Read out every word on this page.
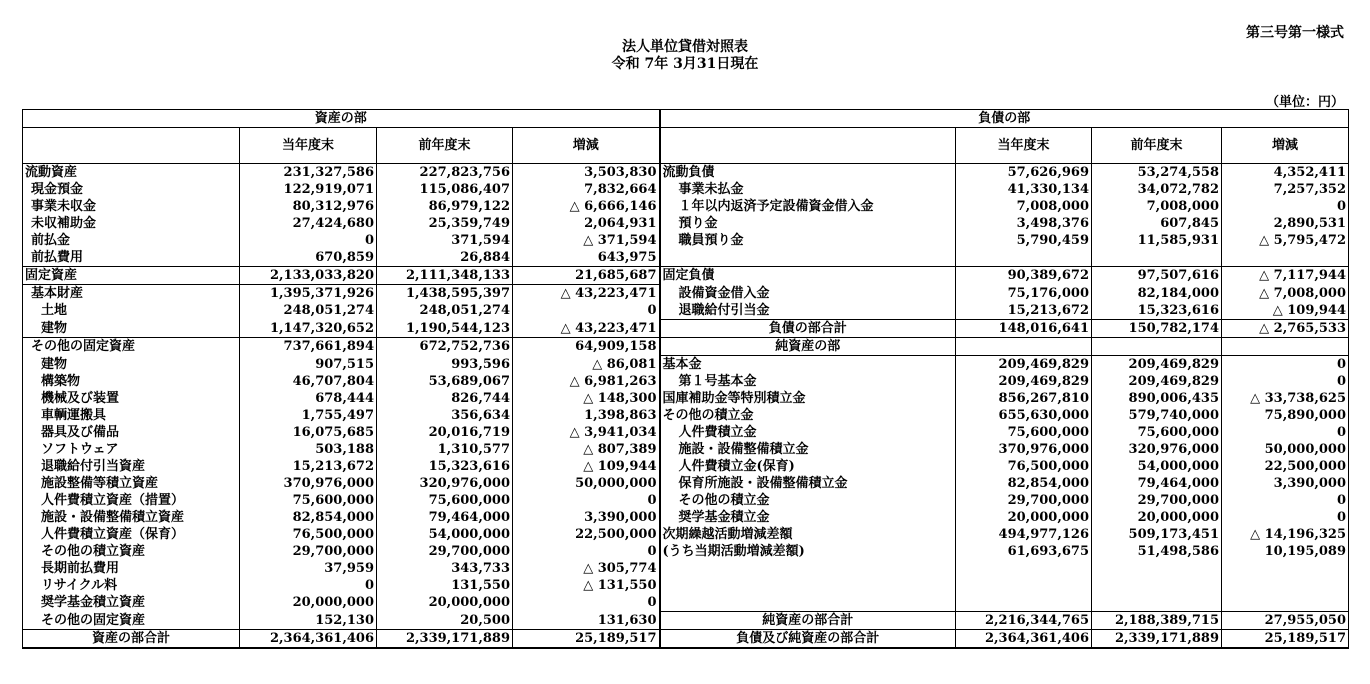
第三号第一様式
法人単位貸借対照表
令和 7年 3月31日現在
（単位：円）
資産の部				負債の部			
	当年度末	前年度末	増減		当年度末	前年度末	増減
流動資産	231,327,586	227,823,756	3,503,830	流動負債	57,626,969	53,274,558	4,352,411
現金預金	122,919,071	115,086,407	7,832,664	事業未払金	41,330,134	34,072,782	7,257,352
事業未収金	80,312,976	86,979,122	△ 6,666,146	１年以内返済予定設備資金借入金	7,008,000	7,008,000	0
未収補助金	27,424,680	25,359,749	2,064,931	預り金	3,498,376	607,845	2,890,531
前払金	0	371,594	△ 371,594	職員預り金	5,790,459	11,585,931	△ 5,795,472
前払費用	670,859	26,884	643,975				
固定資産	2,133,033,820	2,111,348,133	21,685,687	固定負債	90,389,672	97,507,616	△ 7,117,944
基本財産	1,395,371,926	1,438,595,397	△ 43,223,471	設備資金借入金	75,176,000	82,184,000	△ 7,008,000
土地	248,051,274	248,051,274	0	退職給付引当金	15,213,672	15,323,616	△ 109,944
建物	1,147,320,652	1,190,544,123	△ 43,223,471	負債の部合計	148,016,641	150,782,174	△ 2,765,533
その他の固定資産	737,661,894	672,752,736	64,909,158	純資産の部			
建物	907,515	993,596	△ 86,081	基本金	209,469,829	209,469,829	0
構築物	46,707,804	53,689,067	△ 6,981,263	第１号基本金	209,469,829	209,469,829	0
機械及び装置	678,444	826,744	△ 148,300	国庫補助金等特別積立金	856,267,810	890,006,435	△ 33,738,625
車輌運搬具	1,755,497	356,634	1,398,863	その他の積立金	655,630,000	579,740,000	75,890,000
器具及び備品	16,075,685	20,016,719	△ 3,941,034	人件費積立金	75,600,000	75,600,000	0
ソフトウェア	503,188	1,310,577	△ 807,389	施設・設備整備積立金	370,976,000	320,976,000	50,000,000
退職給付引当資産	15,213,672	15,323,616	△ 109,944	人件費積立金(保育)	76,500,000	54,000,000	22,500,000
施設整備等積立資産	370,976,000	320,976,000	50,000,000	保育所施設・設備整備積立金	82,854,000	79,464,000	3,390,000
人件費積立資産（措置）	75,600,000	75,600,000	0	その他の積立金	29,700,000	29,700,000	0
施設・設備整備積立資産	82,854,000	79,464,000	3,390,000	奨学基金積立金	20,000,000	20,000,000	0
人件費積立資産（保育）	76,500,000	54,000,000	22,500,000	次期繰越活動増減差額	494,977,126	509,173,451	△ 14,196,325
その他の積立資産	29,700,000	29,700,000	0	(うち当期活動増減差額)	61,693,675	51,498,586	10,195,089
長期前払費用	37,959	343,733	△ 305,774				
リサイクル料	0	131,550	△ 131,550				
奨学基金積立資産	20,000,000	20,000,000	0				
その他の固定資産	152,130	20,500	131,630	純資産の部合計	2,216,344,765	2,188,389,715	27,955,050
資産の部合計	2,364,361,406	2,339,171,889	25,189,517	負債及び純資産の部合計	2,364,361,406	2,339,171,889	25,189,517
